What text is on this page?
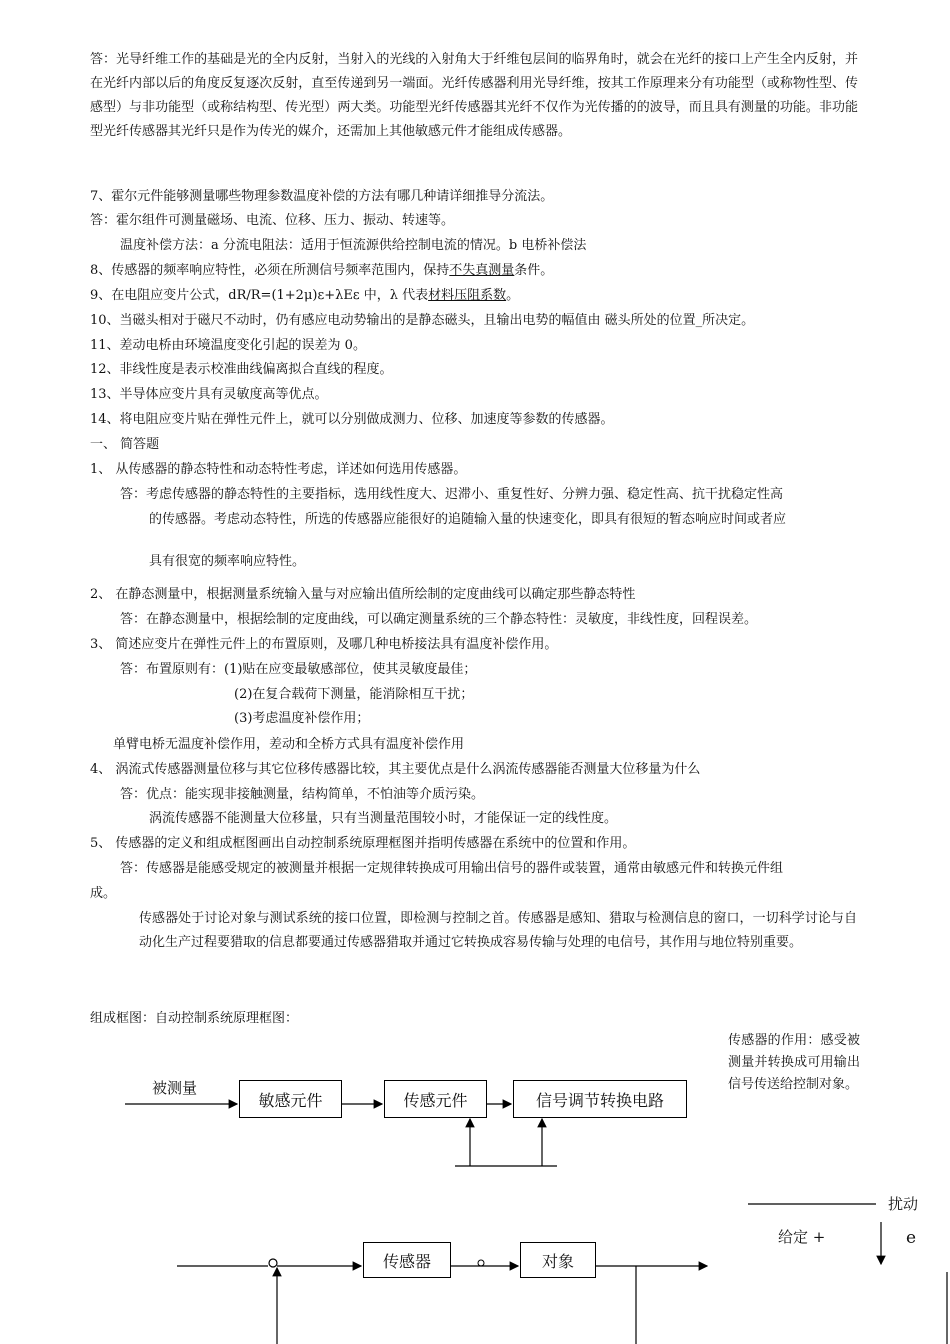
答：光导纤维工作的基础是光的全内反射，当射入的光线的入射角大于纤维包层间的临界角时，就会在光纤的接口上产生全内反射，并在光纤内部以后的角度反复逐次反射，直至传递到另一端面。光纤传感器利用光导纤维，按其工作原理来分有功能型（或称物性型、传感型）与非功能型（或称结构型、传光型）两大类。功能型光纤传感器其光纤不仅作为光传播的的波导，而且具有测量的功能。非功能型光纤传感器其光纤只是作为传光的媒介，还需加上其他敏感元件才能组成传感器。
7、霍尔元件能够测量哪些物理参数温度补偿的方法有哪几种请详细推导分流法。
答：霍尔组件可测量磁场、电流、位移、压力、振动、转速等。
温度补偿方法：a 分流电阻法：适用于恒流源供给控制电流的情况。b 电桥补偿法
8、传感器的频率响应特性，必须在所测信号频率范围内，保持不失真测量条件。
9、在电阻应变片公式，dR/R=(1+2μ)ε+λEε 中，λ 代表材料压阻系数。
10、当磁头相对于磁尺不动时，仍有感应电动势输出的是静态磁头，且输出电势的幅值由 磁头所处的位置_所决定。
11、差动电桥由环境温度变化引起的误差为 0。
12、非线性度是表示校准曲线偏离拟合直线的程度。
13、半导体应变片具有灵敏度高等优点。
14、将电阻应变片贴在弹性元件上，就可以分别做成测力、位移、加速度等参数的传感器。
一、 简答题
1、 从传感器的静态特性和动态特性考虑，详述如何选用传感器。
答：考虑传感器的静态特性的主要指标，选用线性度大、迟滞小、重复性好、分辨力强、稳定性高、抗干扰稳定性高
的传感器。考虑动态特性，所选的传感器应能很好的追随输入量的快速变化，即具有很短的暂态响应时间或者应
具有很宽的频率响应特性。
2、 在静态测量中，根据测量系统输入量与对应输出值所绘制的定度曲线可以确定那些静态特性
答：在静态测量中，根据绘制的定度曲线，可以确定测量系统的三个静态特性：灵敏度，非线性度，回程误差。
3、 简述应变片在弹性元件上的布置原则，及哪几种电桥接法具有温度补偿作用。
答：布置原则有：(1)贴在应变最敏感部位，使其灵敏度最佳；
(2)在复合载荷下测量，能消除相互干扰；
(3)考虑温度补偿作用；
单臂电桥无温度补偿作用，差动和全桥方式具有温度补偿作用
4、 涡流式传感器测量位移与其它位移传感器比较，其主要优点是什么涡流传感器能否测量大位移量为什么
答：优点：能实现非接触测量，结构简单，不怕油等介质污染。
涡流传感器不能测量大位移量，只有当测量范围较小时，才能保证一定的线性度。
5、 传感器的定义和组成框图画出自动控制系统原理框图并指明传感器在系统中的位置和作用。
答：传感器是能感受规定的被测量并根据一定规律转换成可用输出信号的器件或装置，通常由敏感元件和转换元件组
成。
传感器处于讨论对象与测试系统的接口位置，即检测与控制之首。传感器是感知、猎取与检测信息的窗口，一切科学讨论与自动化生产过程要猎取的信息都要通过传感器猎取并通过它转换成容易传输与处理的电信号，其作用与地位特别重要。
组成框图：自动控制系统原理框图：
传感器的作用：感受被测量并转换成可用输出信号传送给控制对象。
被测量
敏感元件	传感元件	信号调节转换电路
扰动
给定 +	e
传感器	对象
